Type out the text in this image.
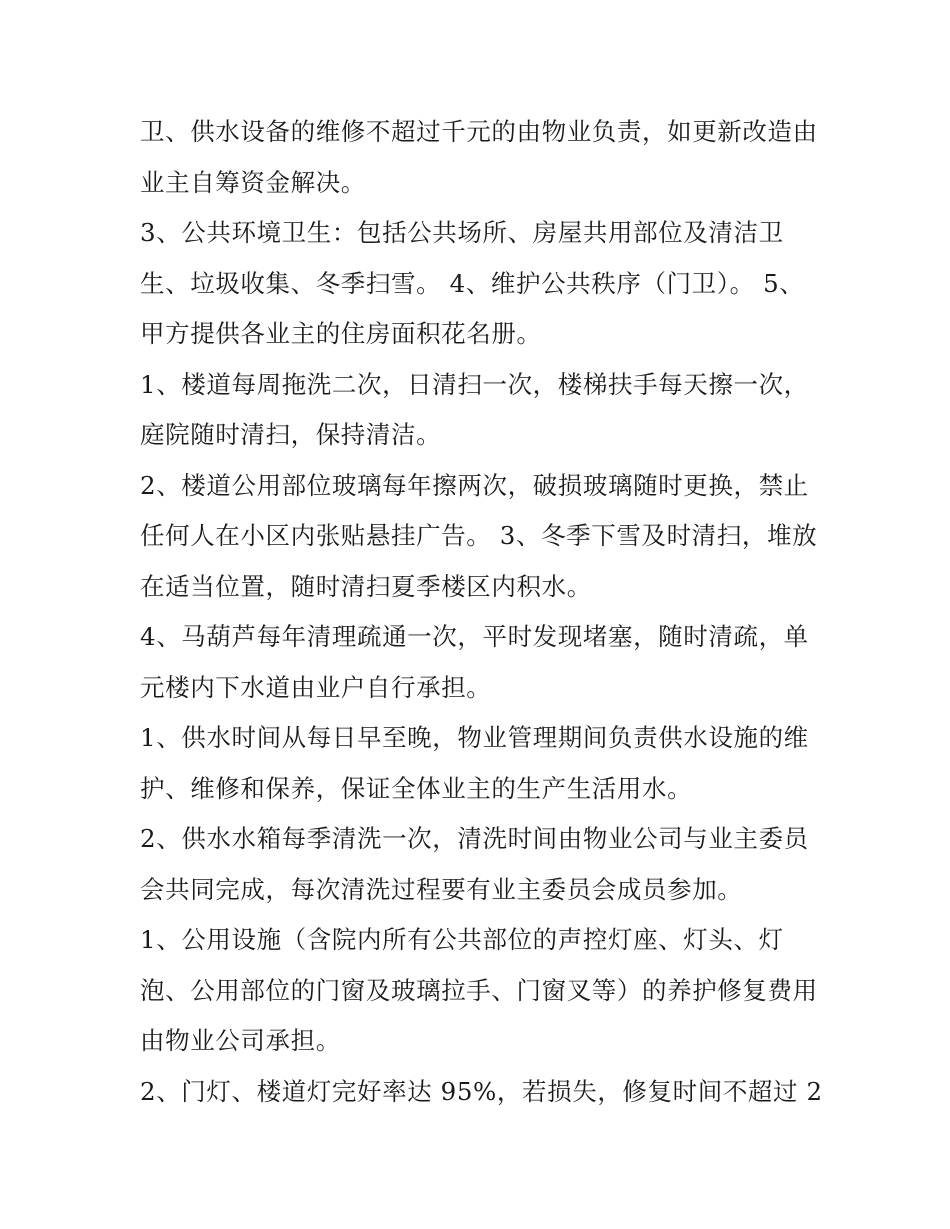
卫、供水设备的维修不超过千元的由物业负责，如更新改造由
业主自筹资金解决。

3、公共环境卫生：包括公共场所、房屋共用部位及清洁卫
生、垃圾收集、冬季扫雪。 4、维护公共秩序（门卫）。 5、
甲方提供各业主的住房面积花名册。

1、楼道每周拖洗二次，日清扫一次，楼梯扶手每天擦一次，
庭院随时清扫，保持清洁。

2、楼道公用部位玻璃每年擦两次，破损玻璃随时更换，禁止
任何人在小区内张贴悬挂广告。 3、冬季下雪及时清扫，堆放
在适当位置，随时清扫夏季楼区内积水。

4、马葫芦每年清理疏通一次，平时发现堵塞，随时清疏，单
元楼内下水道由业户自行承担。

1、供水时间从每日早至晚，物业管理期间负责供水设施的维
护、维修和保养，保证全体业主的生产生活用水。

2、供水水箱每季清洗一次，清洗时间由物业公司与业主委员
会共同完成，每次清洗过程要有业主委员会成员参加。

1、公用设施（含院内所有公共部位的声控灯座、灯头、灯
泡、公用部位的门窗及玻璃拉手、门窗叉等）的养护修复费用
由物业公司承担。

2、门灯、楼道灯完好率达 95%，若损失，修复时间不超过 2
